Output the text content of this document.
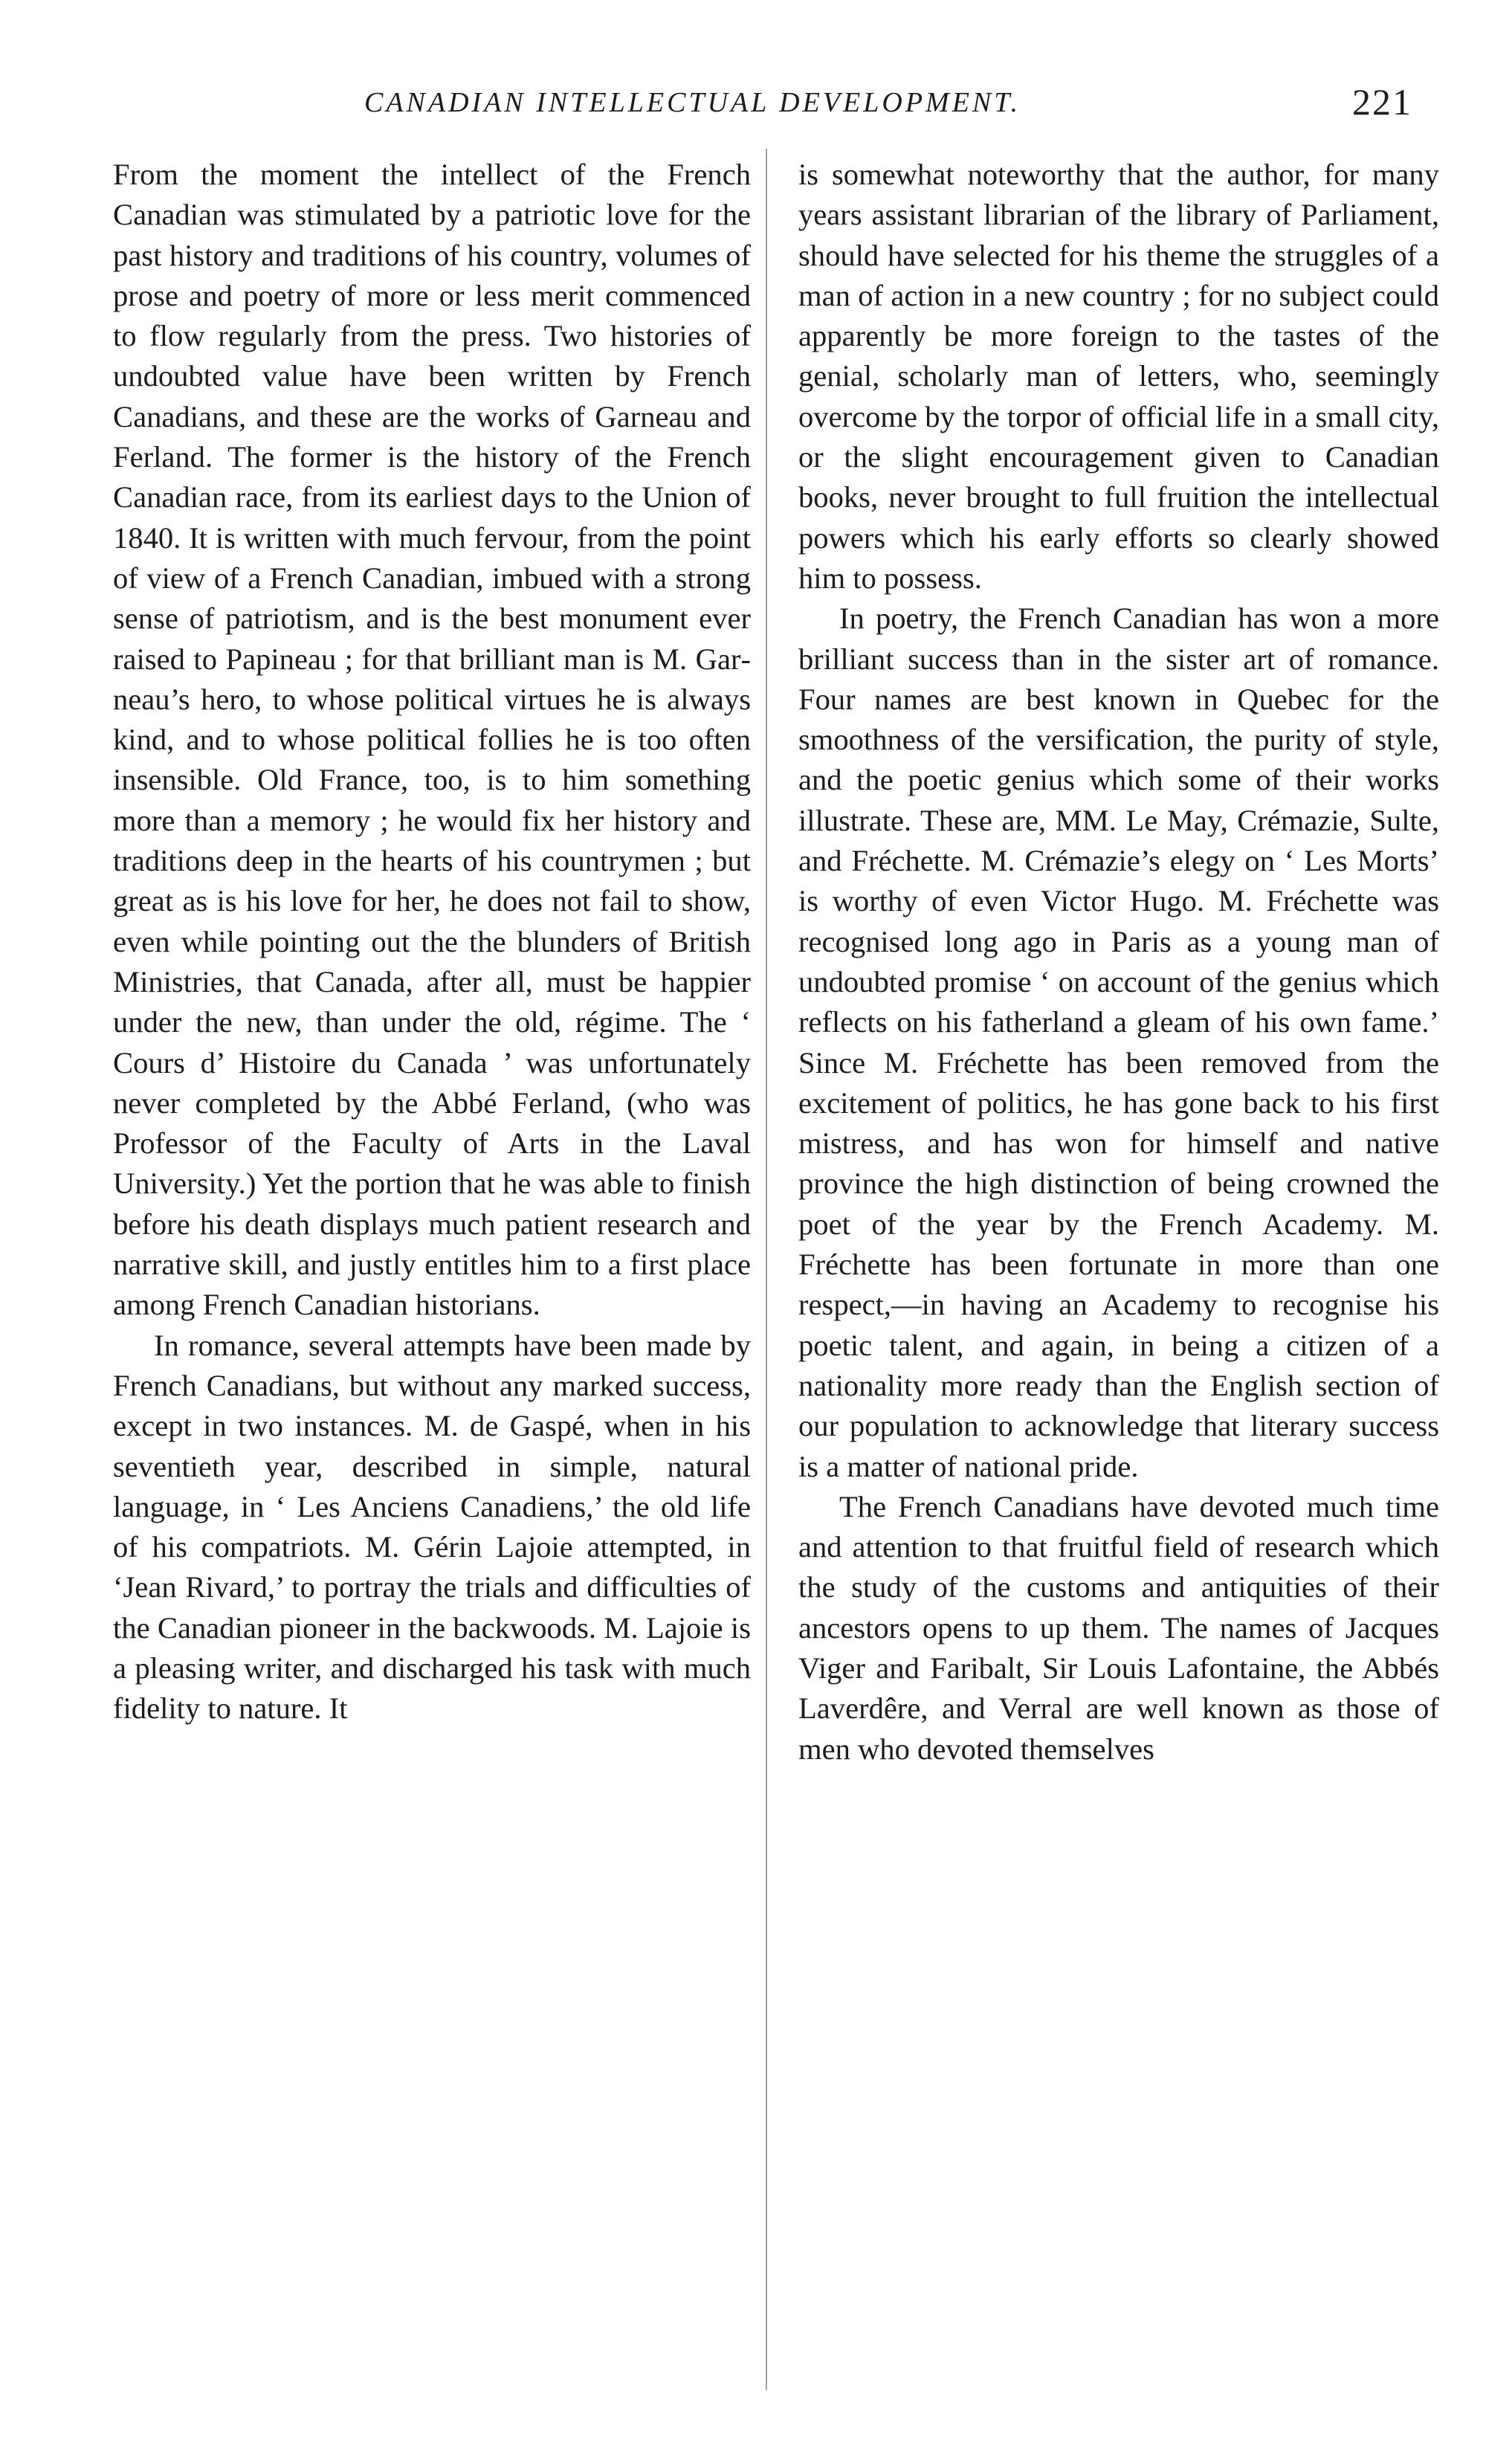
CANADIAN INTELLECTUAL DEVELOPMENT.	221

From the moment the intellect of the French Canadian was stimulated by a patriotic love for the past history and traditions of his country, volumes of prose and poetry of more or less merit commenced to flow regularly from the press. Two histories of undoubted value have been written by French Canadians, and these are the works of Garneau and Ferland. The former is the history of the French Canadian race, from its earliest days to the Union of 1840. It is written with much fervour, from the point of view of a French Canadian, imbued with a strong sense of patriotism, and is the best monument ever raised to Papineau ; for that brilliant man is M. Garneau’s hero, to whose political virtues he is always kind, and to whose political follies he is too often insensible. Old France, too, is to him something more than a memory ; he would fix her history and traditions deep in the hearts of his countrymen ; but great as is his love for her, he does not fail to show, even while pointing out the the blunders of British Ministries, that Canada, after all, must be happier under the new, than under the old, régime. The ‘ Cours d’ Histoire du Canada ’ was unfortunately never completed by the Abbé Ferland, (who was Professor of the Faculty of Arts in the Laval University.) Yet the portion that he was able to finish before his death displays much patient research and narrative skill, and justly entitles him to a first place among French Canadian historians.

In romance, several attempts have been made by French Canadians, but without any marked success, except in two instances. M. de Gaspé, when in his seventieth year, described in simple, natural language, in ‘ Les Anciens Canadiens,’ the old life of his compatriots. M. Gérin Lajoie attempted, in ‘Jean Rivard,’ to portray the trials and difficulties of the Canadian pioneer in the backwoods. M. Lajoie is a pleasing writer, and discharged his task with much fidelity to nature. It

is somewhat noteworthy that the author, for many years assistant librarian of the library of Parliament, should have selected for his theme the struggles of a man of action in a new country ; for no subject could apparently be more foreign to the tastes of the genial, scholarly man of letters, who, seemingly overcome by the torpor of official life in a small city, or the slight encouragement given to Canadian books, never brought to full fruition the intellectual powers which his early efforts so clearly showed him to possess.

In poetry, the French Canadian has won a more brilliant success than in the sister art of romance. Four names are best known in Quebec for the smoothness of the versification, the purity of style, and the poetic genius which some of their works illustrate. These are, MM. Le May, Crémazie, Sulte, and Fréchette. M. Crémazie’s elegy on ‘ Les Morts’ is worthy of even Victor Hugo. M. Fréchette was recognised long ago in Paris as a young man of undoubted promise ‘ on account of the genius which reflects on his fatherland a gleam of his own fame.’ Since M. Fréchette has been removed from the excitement of politics, he has gone back to his first mistress, and has won for himself and native province the high distinction of being crowned the poet of the year by the French Academy. M. Fréchette has been fortunate in more than one respect,—in having an Academy to recognise his poetic talent, and again, in being a citizen of a nationality more ready than the English section of our population to acknowledge that literary success is a matter of national pride.

The French Canadians have devoted much time and attention to that fruitful field of research which the study of the customs and antiquities of their ancestors opens to up them. The names of Jacques Viger and Faribalt, Sir Louis Lafontaine, the Abbés Laverdêre, and Verral are well known as those of men who devoted themselves
